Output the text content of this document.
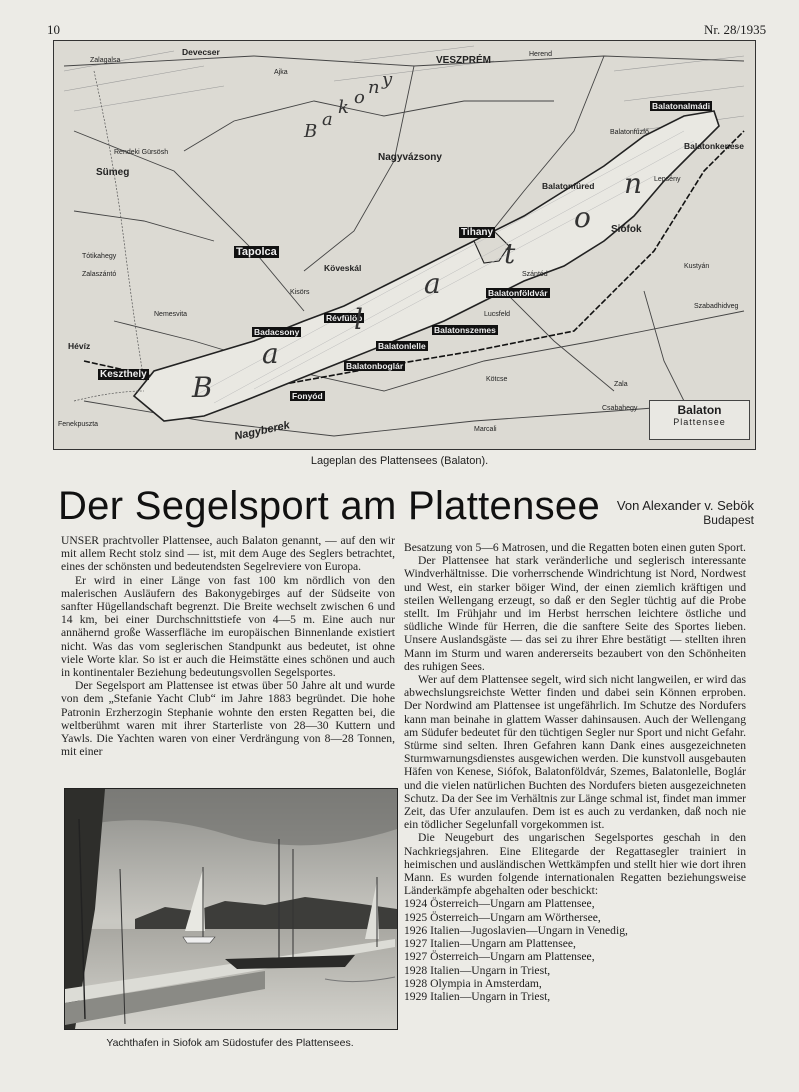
10	Nr. 28/1935
Devecser
VESZPRÉM
Nagyvázsony
Tapolca
Sümeg
Keszthely
Balatonfüred
Siófok
Tihany
Révfülöp
Badacsony
Fonyód
Balatonboglár
Balatonlelle
Balatonszemes
Balatonföldvár
Köveskál
Zalaszántó
Balatonalmádi
Balatonkenese
Nagyberek
Ajka
Lepsény
Kustyán
Szabadhidveg
Zalagalsa
Rendeki Gürsösh
Herend
Balatonfűzfő
Kötcse
Zala
Csabahegy
Hévíz
Nemesvita
Tótikahegy
Kisörs
Szántód
Lucsfeld
Marcali
Fenekpuszta
B
a
l
a
t
o
n
B
a
k o n y
Balaton
Plattensee
Lageplan des Plattensees (Balaton).
Der Segelsport am Plattensee Von Alexander v. Sebök
Budapest

UNSER prachtvoller Plattensee, auch Balaton genannt, — auf den wir mit allem Recht stolz sind — ist, mit dem Auge des Seglers betrachtet, eines der schönsten und bedeutendsten Segelreviere von Europa.

Er wird in einer Länge von fast 100 km nördlich von den malerischen Ausläufern des Bakonygebirges auf der Südseite von sanfter Hügellandschaft begrenzt. Die Breite wechselt zwischen 6 und 14 km, bei einer Durchschnittstiefe von 4—5 m. Eine auch nur annähernd große Wasserfläche im europäischen Binnenlande existiert nicht. Was das vom seglerischen Standpunkt aus bedeutet, ist ohne viele Worte klar. So ist er auch die Heimstätte eines schönen und auch in kontinentaler Beziehung bedeutungsvollen Segelsportes.

Der Segelsport am Plattensee ist etwas über 50 Jahre alt und wurde von dem „Stefanie Yacht Club“ im Jahre 1883 begründet. Die hohe Patronin Erzherzogin Stephanie wohnte den ersten Regatten bei, die weltberühmt waren mit ihrer Starterliste von 28—30 Kuttern und Yawls. Die Yachten waren von einer Verdrängung von 8—28 Tonnen, mit einer

Yachthafen in Siofok am Südostufer des Plattensees.

Besatzung von 5—6 Matrosen, und die Regatten boten einen guten Sport.

Der Plattensee hat stark veränderliche und seglerisch interessante Windverhältnisse. Die vorherrschende Windrichtung ist Nord, Nordwest und West, ein starker böiger Wind, der einen ziemlich kräftigen und steilen Wellengang erzeugt, so daß er den Segler tüchtig auf die Probe stellt. Im Frühjahr und im Herbst herrschen leichtere östliche und südliche Winde für Herren, die die sanftere Seite des Sportes lieben. Unsere Auslandsgäste — das sei zu ihrer Ehre bestätigt — stellten ihren Mann im Sturm und waren andererseits bezaubert von den Schönheiten des ruhigen Sees.

Wer auf dem Plattensee segelt, wird sich nicht langweilen, er wird das abwechslungsreichste Wetter finden und dabei sein Können erproben. Der Nordwind am Plattensee ist ungefährlich. Im Schutze des Nordufers kann man beinahe in glattem Wasser dahinsausen. Auch der Wellengang am Südufer bedeutet für den tüchtigen Segler nur Sport und nicht Gefahr. Stürme sind selten. Ihren Gefahren kann Dank eines ausgezeichneten Sturmwarnungsdienstes ausgewichen werden. Die kunstvoll ausgebauten Häfen von Kenese, Siófok, Balatonföldvár, Szemes, Balatonlelle, Boglár und die vielen natürlichen Buchten des Nordufers bieten ausgezeichneten Schutz. Da der See im Verhältnis zur Länge schmal ist, findet man immer Zeit, das Ufer anzulaufen. Dem ist es auch zu verdanken, daß noch nie ein tödlicher Segelunfall vorgekommen ist.

Die Neugeburt des ungarischen Segelsportes geschah in den Nachkriegsjahren. Eine Elitegarde der Regattasegler trainiert in heimischen und ausländischen Wettkämpfen und stellt hier wie dort ihren Mann. Es wurden folgende internationalen Regatten beziehungsweise Länderkämpfe abgehalten oder beschickt:

1924 Österreich—Ungarn am Plattensee,
1925 Österreich—Ungarn am Wörthersee,
1926 Italien—Jugoslavien—Ungarn in Venedig,
1927 Italien—Ungarn am Plattensee,
1927 Österreich—Ungarn am Plattensee,
1928 Italien—Ungarn in Triest,
1928 Olympia in Amsterdam,
1929 Italien—Ungarn in Triest,
